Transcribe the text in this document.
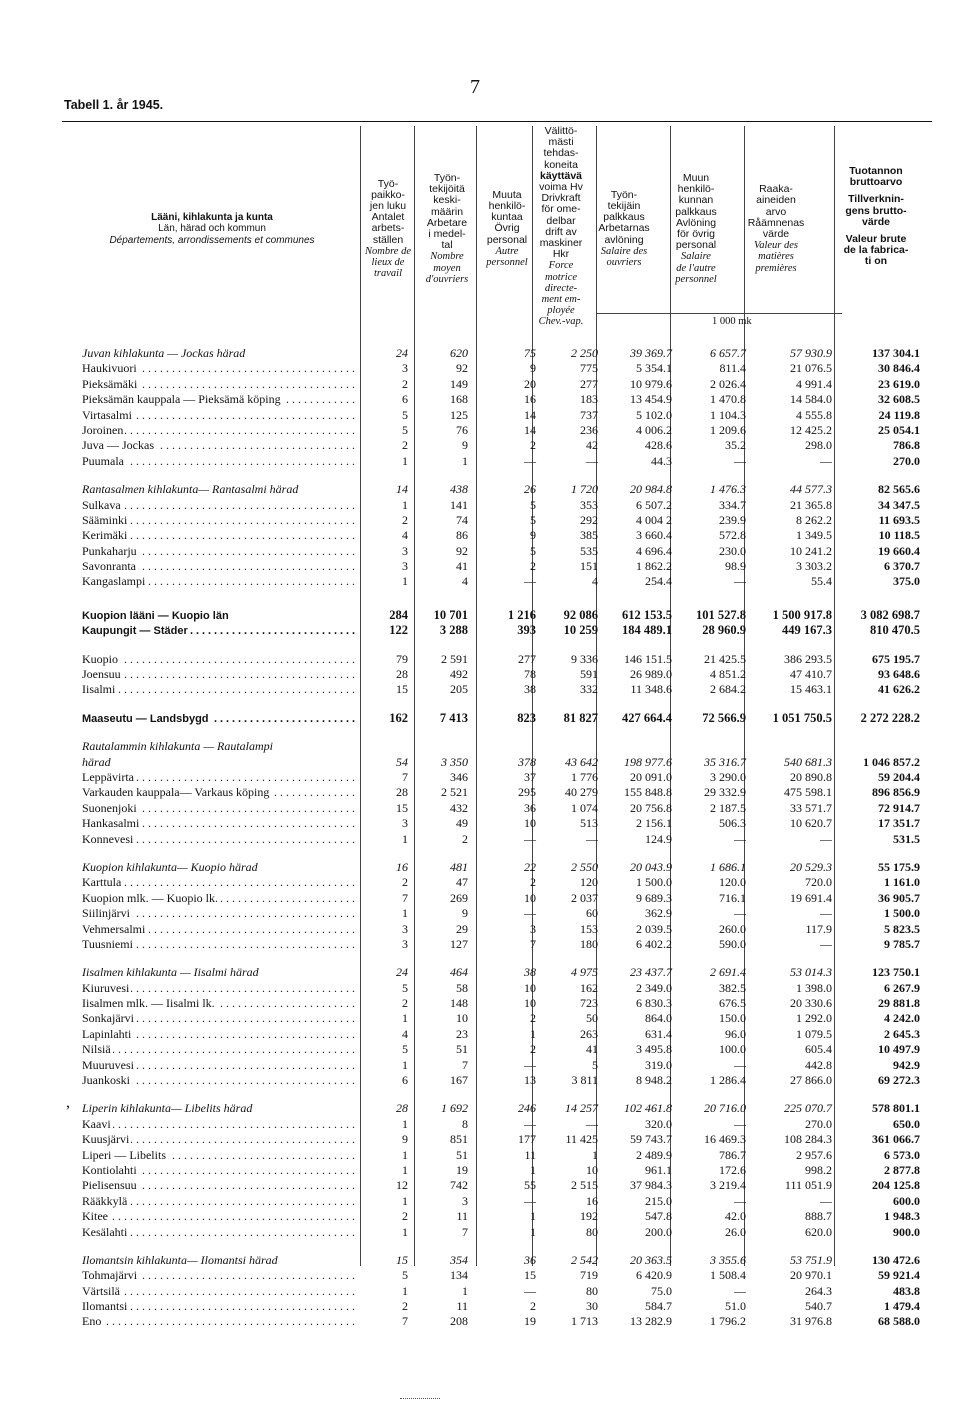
7
Tabell 1. år 1945.
Lääni, kihlakunta ja kunta
Län, härad och kommun
Départements, arrondissements et communes
Työ-
paikko-
jen luku
Antalet
arbets-
ställen
Nombre de
lieux de
travail
Työn-
tekijöitä
keski-
määrin
Arbetare
i medel-
tal
Nombre
moyen
d'ouvriers
Muuta
henkilö-
kuntaa
Övrig
personal
Autre
personnel
Välittö-
mästi
tehdas-
koneita
käyttävä
voima Hv
Drivkraft
för ome-
delbar
drift av
maskiner
Hkr
Force
motrice
directe-
ment em-
ployée
Chev.-vap.
Työn-
tekijäin
palkkaus
Arbetarnas
avlöning
Salaire des
ouvriers
Muun
henkilö-
kunnan
palkkaus
Avlöning
för övrig
personal
Salaire
de l'autre
personnel
Raaka-
aineiden
arvo
Råämnenas
värde
Valeur des
matières
premières
Tuotannon
bruttoarvo
Tillverknin-
gens brutto-
värde
Valeur brute
de la fabrica-
ti on
1 000 mk
Juvan kihlakunta — Jockas härad	24	620	75	2 250	39 369.7	6 657.7	57 930.9	137 304.1
Haukivuori . . .	3	92	9	775	5 354.1	811.4	21 076.5	30 846.4
Pieksämäki . . .	2	149	20	277	10 979.6	2 026.4	4 991.4	23 619.0
Pieksämän kauppala — Pieksämä köping . . .	6	168	16	183	13 454.9	1 470.8	14 584.0	32 608.5
Virtasalmi . . .	5	125	14	737	5 102.0	1 104.3	4 555.8	24 119.8
Joroinen . . .	5	76	14	236	4 006.2	1 209.6	12 425.2	25 054.1
Juva — Jockas . . .	2	9	2	42	428.6	35.2	298.0	786.8
Puumala . . .	1	1	—	—	44.3	—	—	270.0
Rantasalmen kihlakunta— Rantasalmi härad	14	438	26	1 720	20 984.8	1 476.3	44 577.3	82 565.6
Sulkava . . .	1	141	5	353	6 507.2	334.7	21 365.8	34 347.5
Sääminki . . .	2	74	5	292	4 004 2	239.9	8 262.2	11 693.5
Kerimäki . . .	4	86	9	385	3 660.4	572.8	1 349.5	10 118.5
Punkaharju . . .	3	92	5	535	4 696.4	230.0	10 241.2	19 660.4
Savonranta . . .	3	41	2	151	1 862.2	98.9	3 303.2	6 370.7
Kangaslampi . . .	1	4	—	4	254.4	—	55.4	375.0
Kuopion lääni — Kuopio län	284	10 701	1 216	92 086	612 153.5	101 527.8	1 500 917.8	3 082 698.7
Kaupungit — Städer . . .	122	3 288	393	10 259	184 489.1	28 960.9	449 167.3	810 470.5
Kuopio . . .	79	2 591	277	9 336	146 151.5	21 425.5	386 293.5	675 195.7
Joensuu . . .	28	492	78	591	26 989.0	4 851.2	47 410.7	93 648.6
Iisalmi . . .	15	205	38	332	11 348.6	2 684.2	15 463.1	41 626.2
Maaseutu — Landsbygd . . .	162	7 413	823	81 827	427 664.4	72 566.9	1 051 750.5	2 272 228.2
Rautalammin kihlakunta — Rautalampi
härad	54	3 350	378	43 642	198 977.6	35 316.7	540 681.3	1 046 857.2
Leppävirta . . .	7	346	37	1 776	20 091.0	3 290.0	20 890.8	59 204.4
Varkauden kauppala— Varkaus köping . . .	28	2 521	295	40 279	155 848.8	29 332.9	475 598.1	896 856.9
Suonenjoki . . .	15	432	36	1 074	20 756.8	2 187.5	33 571.7	72 914.7
Hankasalmi . . .	3	49	10	513	2 156.1	506.3	10 620.7	17 351.7
Konnevesi . . .	1	2	—	—	124.9	—	—	531.5
Kuopion kihlakunta— Kuopio härad	16	481	22	2 550	20 043.9	1 686.1	20 529.3	55 175.9
Karttula . . .	2	47	2	120	1 500.0	120.0	720.0	1 161.0
Kuopion mlk. — Kuopio lk. . . .	7	269	10	2 037	9 689.3	716.1	19 691.4	36 905.7
Siilinjärvi . . .	1	9	—	60	362.9	—	—	1 500.0
Vehmersalmi . . .	3	29	3	153	2 039.5	260.0	117.9	5 823.5
Tuusniemi . . .	3	127	7	180	6 402.2	590.0	—	9 785.7
Iisalmen kihlakunta — Iisalmi härad	24	464	38	4 975	23 437.7	2 691.4	53 014.3	123 750.1
Kiuruvesi . . .	5	58	10	162	2 349.0	382.5	1 398.0	6 267.9
Iisalmen mlk. — Iisalmi lk. . . .	2	148	10	723	6 830.3	676.5	20 330.6	29 881.8
Sonkajärvi . . .	1	10	2	50	864.0	150.0	1 292.0	4 242.0
Lapinlahti . . .	4	23	1	263	631.4	96.0	1 079.5	2 645.3
Nilsiä . . .	5	51	2	41	3 495.8	100.0	605.4	10 497.9
Muuruvesi . . .	1	7	—	5	319.0	—	442.8	942.9
Juankoski . . .	6	167	13	3 811	8 948.2	1 286.4	27 866.0	69 272.3
Liperin kihlakunta— Libelits härad	28	1 692	246	14 257	102 461.8	20 716.0	225 070.7	578 801.1
Kaavi . . .	1	8	—	—	320.0	—	270.0	650.0
Kuusjärvi . . .	9	851	177	11 425	59 743.7	16 469.3	108 284.3	361 066.7
Liperi — Libelits . . .	1	51	11	1	2 489.9	786.7	2 957.6	6 573.0
Kontiolahti . . .	1	19	1	10	961.1	172.6	998.2	2 877.8
Pielisensuu . . .	12	742	55	2 515	37 984.3	3 219.4	111 051.9	204 125.8
Rääkkylä . . .	1	3	—	16	215.0	—	—	600.0
Kitee . . .	2	11	1	192	547.8	42.0	888.7	1 948.3
Kesälahti . . .	1	7	1	80	200.0	26.0	620.0	900.0
Ilomantsin kihlakunta— Ilomantsi härad	15	354	36	2 542	20 363.5	3 355.6	53 751.9	130 472.6
Tohmajärvi . . .	5	134	15	719	6 420.9	1 508.4	20 970.1	59 921.4
Värtsilä . . .	1	1	—	80	75.0	—	264.3	483.8
Ilomantsi . . .	2	11	2	30	584.7	51.0	540.7	1 479.4
Eno . . .	7	208	19	1 713	13 282.9	1 796.2	31 976.8	68 588.0
,
